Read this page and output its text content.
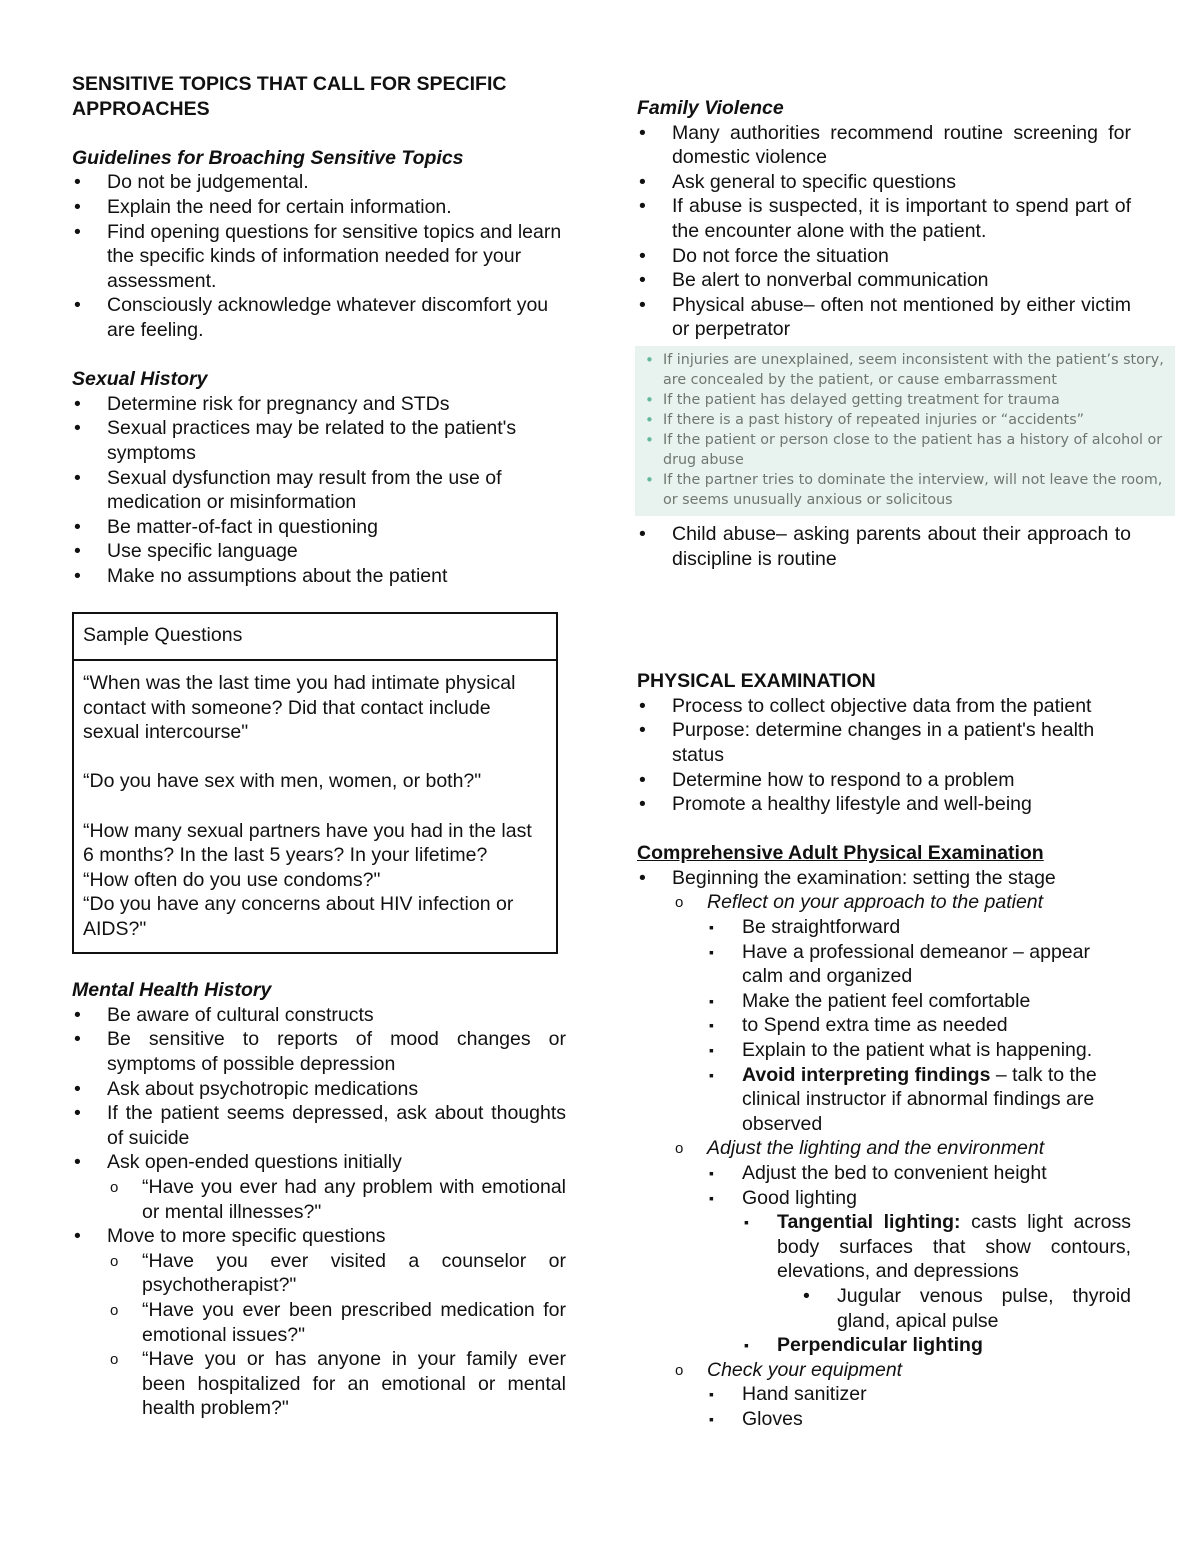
SENSITIVE TOPICS THAT CALL FOR SPECIFIC APPROACHES
Guidelines for Broaching Sensitive Topics
• Do not be judgemental.
• Explain the need for certain information.
• Find opening questions for sensitive topics and learn the specific kinds of information needed for your assessment.
• Consciously acknowledge whatever discomfort you are feeling.
Sexual History
• Determine risk for pregnancy and STDs
• Sexual practices may be related to the patient's symptoms
• Sexual dysfunction may result from the use of medication or misinformation
• Be matter-of-fact in questioning
• Use specific language
• Make no assumptions about the patient
Sample Questions

“When was the last time you had intimate physical contact with someone? Did that contact include sexual intercourse"

“Do you have sex with men, women, or both?"

“How many sexual partners have you had in the last 6 months? In the last 5 years? In your lifetime?

“How often do you use condoms?"

“Do you have any concerns about HIV infection or AIDS?"

Mental Health History
• Be aware of cultural constructs
• Be sensitive to reports of mood changes or symptoms of possible depression
• Ask about psychotropic medications
• If the patient seems depressed, ask about thoughts of suicide
• Ask open-ended questions initially
o “Have you ever had any problem with emotional or mental illnesses?"
• Move to more specific questions
o “Have you ever visited a counselor or psychotherapist?"
o “Have you ever been prescribed medication for emotional issues?"
o “Have you or has anyone in your family ever been hospitalized for an emotional or mental health problem?"
Family Violence
• Many authorities recommend routine screening for domestic violence
• Ask general to specific questions
• If abuse is suspected, it is important to spend part of the encounter alone with the patient.
• Do not force the situation
• Be alert to nonverbal communication
• Physical abuse– often not mentioned by either victim or perpetrator
• If injuries are unexplained, seem inconsistent with the patient’s story, are concealed by the patient, or cause embarrassment
• If the patient has delayed getting treatment for trauma
• If there is a past history of repeated injuries or “accidents”
• If the patient or person close to the patient has a history of alcohol or drug abuse
• If the partner tries to dominate the interview, will not leave the room, or seems unusually anxious or solicitous
• Child abuse– asking parents about their approach to discipline is routine
PHYSICAL EXAMINATION
• Process to collect objective data from the patient
• Purpose: determine changes in a patient's health status
• Determine how to respond to a problem
• Promote a healthy lifestyle and well-being
Comprehensive Adult Physical Examination
• Beginning the examination: setting the stage
o Reflect on your approach to the patient
▪ Be straightforward
▪ Have a professional demeanor – appear calm and organized
▪ Make the patient feel comfortable
▪ to Spend extra time as needed
▪ Explain to the patient what is happening.
▪ Avoid interpreting findings – talk to the clinical instructor if abnormal findings are observed
o Adjust the lighting and the environment
▪ Adjust the bed to convenient height
▪ Good lighting
▪ Tangential lighting: casts light across body surfaces that show contours, elevations, and depressions
• Jugular venous pulse, thyroid gland, apical pulse
▪ Perpendicular lighting
o Check your equipment
▪ Hand sanitizer
▪ Gloves
